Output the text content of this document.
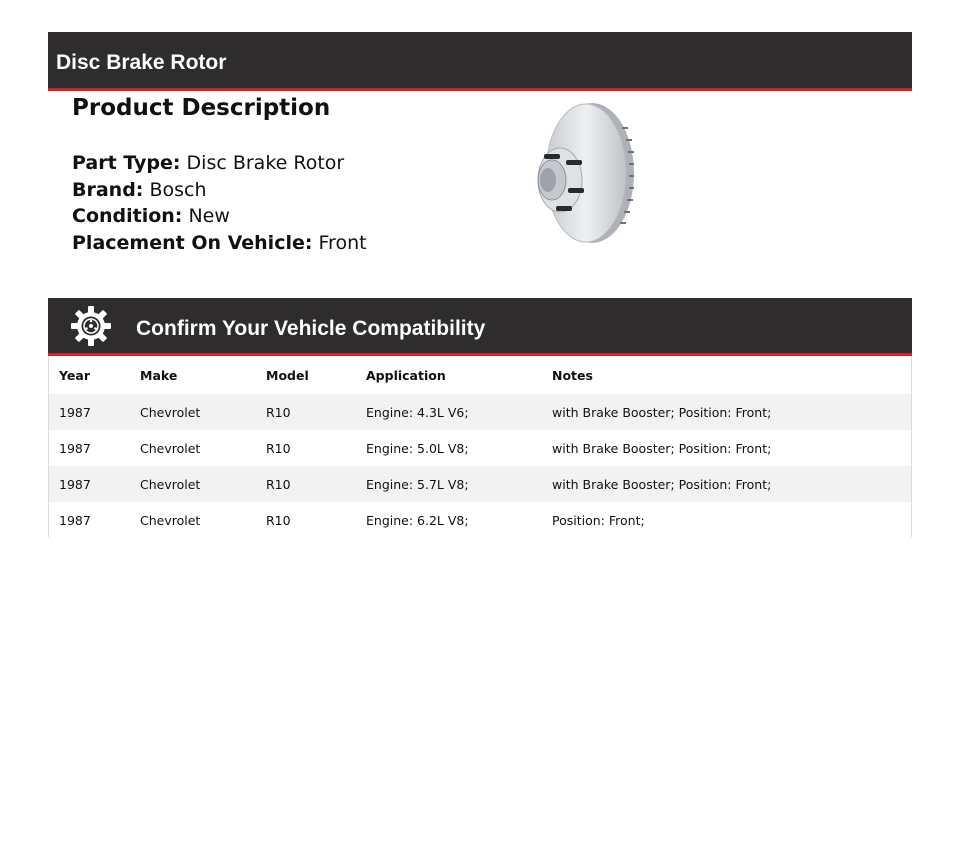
Disc Brake Rotor
Product Description
Part Type: Disc Brake Rotor
Brand: Bosch
Condition: New
Placement On Vehicle: Front
Confirm Your Vehicle Compatibility
Year	Make	Model	Application	Notes
1987	Chevrolet	R10	Engine: 4.3L V6;	with Brake Booster; Position: Front;
1987	Chevrolet	R10	Engine: 5.0L V8;	with Brake Booster; Position: Front;
1987	Chevrolet	R10	Engine: 5.7L V8;	with Brake Booster; Position: Front;
1987	Chevrolet	R10	Engine: 6.2L V8;	Position: Front;
